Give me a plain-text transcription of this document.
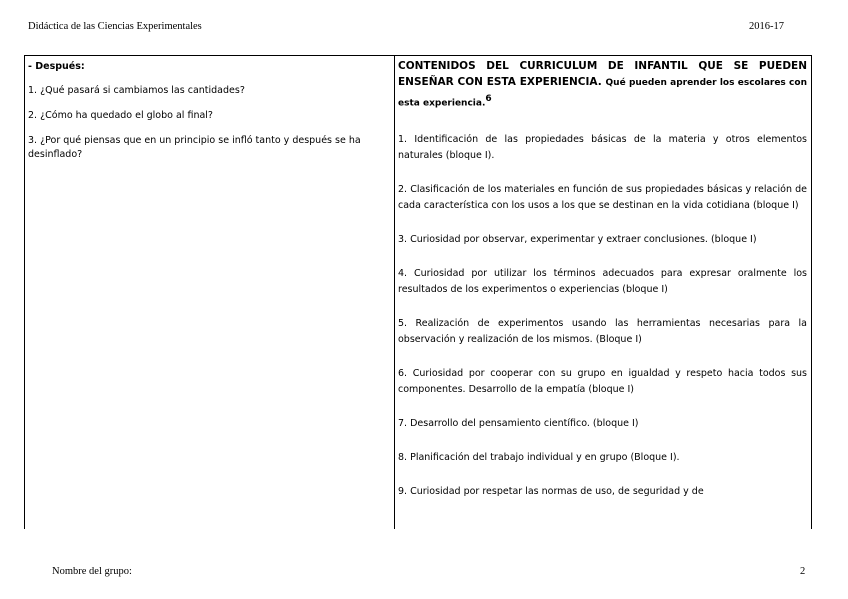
Didáctica de las Ciencias Experimentales	2016-17
- Después:
1. ¿Qué pasará si cambiamos las cantidades?
2. ¿Cómo ha quedado el globo al final?
3. ¿Por qué piensas que en un principio se infló tanto y después se ha desinflado?
CONTENIDOS DEL CURRICULUM DE INFANTIL QUE SE PUEDEN ENSEÑAR CON ESTA EXPERIENCIA. Qué pueden aprender los escolares con esta experiencia.$^6$
1. Identificación de las propiedades básicas de la materia y otros elementos naturales (bloque I).
2. Clasificación de los materiales en función de sus propiedades básicas y relación de cada característica con los usos a los que se destinan en la vida cotidiana (bloque I)
3. Curiosidad por observar, experimentar y extraer conclusiones. (bloque I)
4. Curiosidad por utilizar los términos adecuados para expresar oralmente los resultados de los experimentos o experiencias (bloque I)
5. Realización de experimentos usando las herramientas necesarias para la observación y realización de los mismos. (Bloque I)
6. Curiosidad por cooperar con su grupo en igualdad y respeto hacia todos sus componentes. Desarrollo de la empatía (bloque I)
7. Desarrollo del pensamiento científico. (bloque I)
8. Planificación del trabajo individual y en grupo (Bloque I).
9. Curiosidad por respetar las normas de uso, de seguridad y de
Nombre del grupo:	2
